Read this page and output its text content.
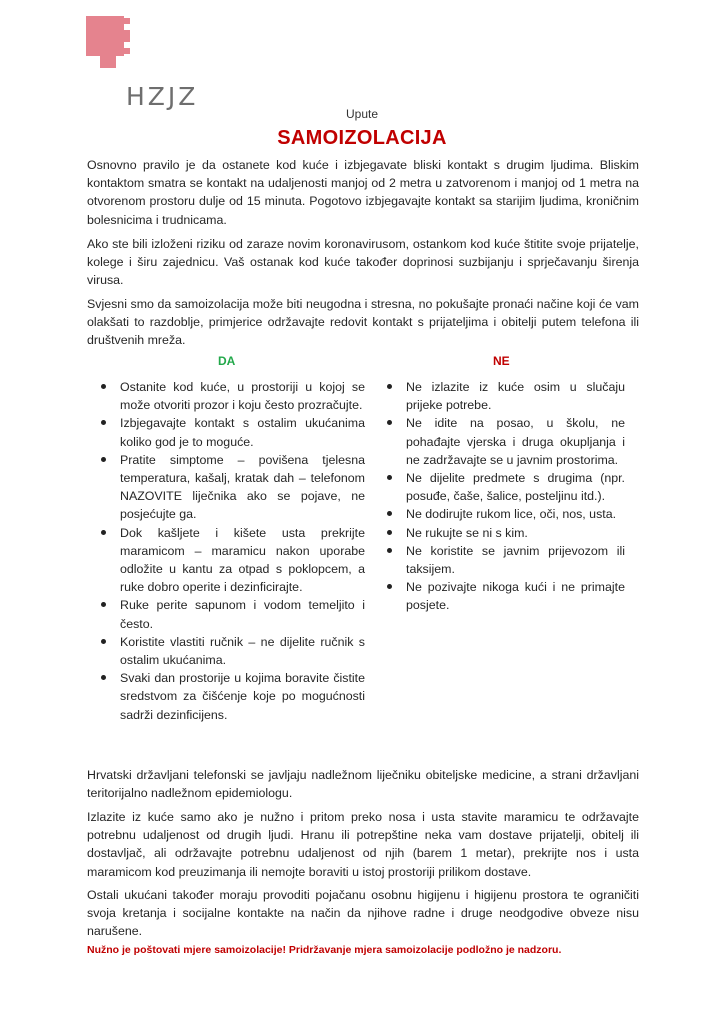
HZJZ
Upute
SAMOIZOLACIJA

Osnovno pravilo je da ostanete kod kuće i izbjegavate bliski kontakt s drugim ljudima. Bliskim kontaktom smatra se kontakt na udaljenosti manjoj od 2 metra u zatvorenom i manjoj od 1 metra na otvorenom prostoru dulje od 15 minuta. Pogotovo izbjegavajte kontakt sa starijim ljudima, kroničnim bolesnicima i trudnicama.

Ako ste bili izloženi riziku od zaraze novim koronavirusom, ostankom kod kuće štitite svoje prijatelje, kolege i širu zajednicu. Vaš ostanak kod kuće također doprinosi suzbijanju i sprječavanju širenja virusa.

Svjesni smo da samoizolacija može biti neugodna i stresna, no pokušajte pronaći načine koji će vam olakšati to razdoblje, primjerice održavajte redovit kontakt s prijateljima i obitelji putem telefona ili društvenih mreža.

DA	NE
Ostanite kod kuće, u prostoriji u kojoj se može otvoriti prozor i koju često prozračujte.
Izbjegavajte kontakt s ostalim ukućanima koliko god je to moguće.
Pratite simptome – povišena tjelesna temperatura, kašalj, kratak dah – telefonom NAZOVITE liječnika ako se pojave, ne posjećujte ga.
Dok kašljete i kišete usta prekrijte maramicom – maramicu nakon uporabe odložite u kantu za otpad s poklopcem, a ruke dobro operite i dezinficirajte.
Ruke perite sapunom i vodom temeljito i često.
Koristite vlastiti ručnik – ne dijelite ručnik s ostalim ukućanima.
Svaki dan prostorije u kojima boravite čistite sredstvom za čišćenje koje po mogućnosti sadrži dezinficijens.
Ne izlazite iz kuće osim u slučaju prijeke potrebe.
Ne idite na posao, u školu, ne pohađajte vjerska i druga okupljanja i ne zadržavajte se u javnim prostorima.
Ne dijelite predmete s drugima (npr. posuđe, čaše, šalice, posteljinu itd.).
Ne dodirujte rukom lice, oči, nos, usta.
Ne rukujte se ni s kim.
Ne koristite se javnim prijevozom ili taksijem.
Ne pozivajte nikoga kući i ne primajte posjete.

Hrvatski državljani telefonski se javljaju nadležnom liječniku obiteljske medicine, a strani državljani teritorijalno nadležnom epidemiologu.

Izlazite iz kuće samo ako je nužno i pritom preko nosa i usta stavite maramicu te održavajte potrebnu udaljenost od drugih ljudi. Hranu ili potrepštine neka vam dostave prijatelji, obitelj ili dostavljač, ali održavajte potrebnu udaljenost od njih (barem 1 metar), prekrijte nos i usta maramicom kod preuzimanja ili nemojte boraviti u istoj prostoriji prilikom dostave.

Ostali ukućani također moraju provoditi pojačanu osobnu higijenu i higijenu prostora te ograničiti svoja kretanja i socijalne kontakte na način da njihove radne i druge neodgodive obveze nisu narušene.

Nužno je poštovati mjere samoizolacije! Pridržavanje mjera samoizolacije podložno je nadzoru.
